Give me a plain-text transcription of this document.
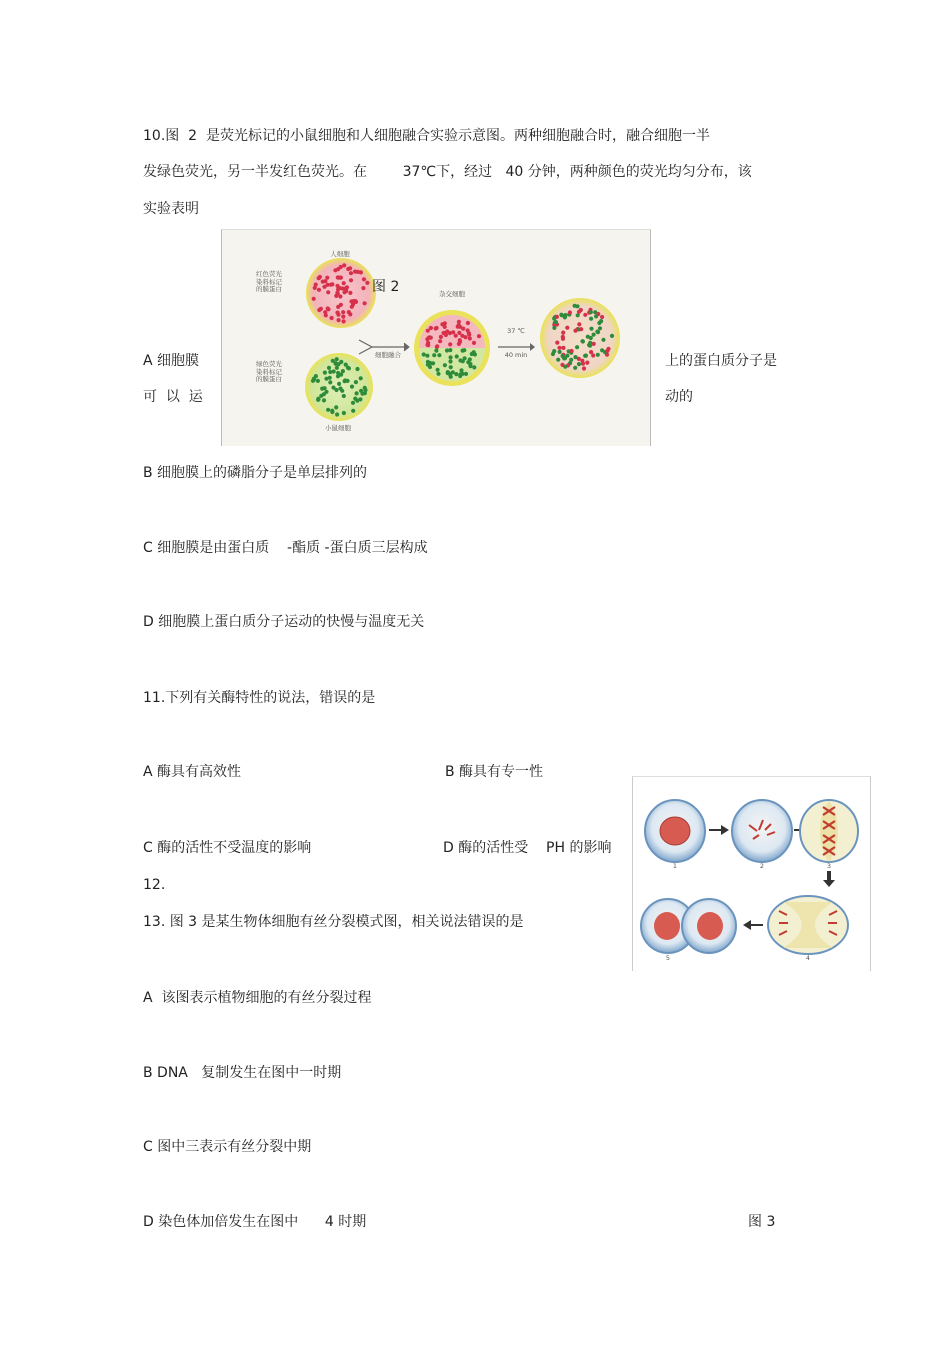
10.图  2  是荧光标记的小鼠细胞和人细胞融合实验示意图。两种细胞融合时，融合细胞一半
发绿色荧光，另一半发红色荧光。在        37℃下，经过   40 分钟，两种颜色的荧光均匀分布，该
实验表明
人细胞
红色荧光
染料标记
的膜蛋白
绿色荧光
染料标记
的膜蛋白
小鼠细胞
细胞融合
杂交细胞
37 ℃
40 min
图 2
A 细胞膜
可  以  运
上的蛋白质分子是
动的
B 细胞膜上的磷脂分子是单层排列的
C 细胞膜是由蛋白质    -酯质 -蛋白质三层构成
D 细胞膜上蛋白质分子运动的快慢与温度无关
11.下列有关酶特性的说法，错误的是
A 酶具有高效性	B 酶具有专一性
C 酶的活性不受温度的影响	D 酶的活性受    PH 的影响
12.
1	2	3
4
5
13. 图 3 是某生物体细胞有丝分裂模式图，相关说法错误的是
A  该图表示植物细胞的有丝分裂过程
B DNA   复制发生在图中一时期
C 图中三表示有丝分裂中期
D 染色体加倍发生在图中      4 时期	图 3
